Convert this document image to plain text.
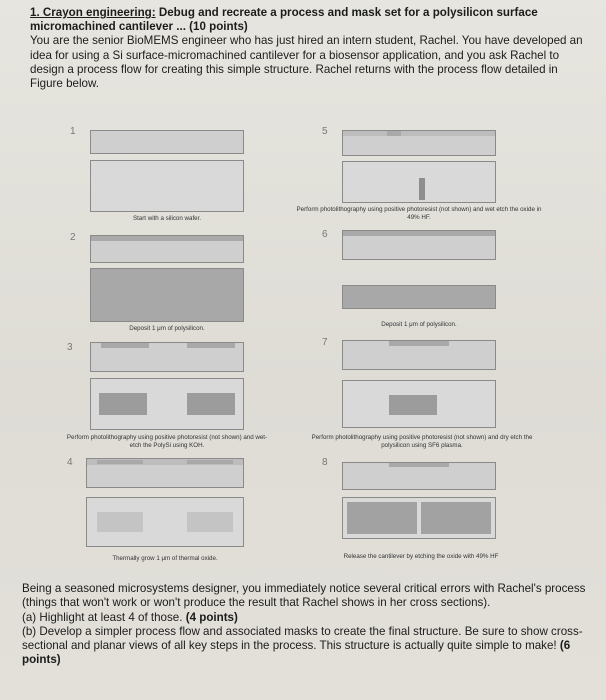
1. Crayon engineering: Debug and recreate a process and mask set for a polysilicon surface micromachined cantilever ... (10 points)

You are the senior BioMEMS engineer who has just hired an intern student, Rachel. You have developed an idea for using a Si surface-micromachined cantilever for a biosensor application, and you ask Rachel to design a process flow for creating this simple structure. Rachel returns with the process flow detailed in Figure below.

1
Start with a silicon wafer.
2
Deposit 1 μm of polysilicon.
3
Perform photolithography using positive photoresist (not shown) and wet-etch the PolySi using KOH.
4
Thermally grow 1 μm of thermal oxide.
5
Perform photolithography using positive photoresist (not shown) and wet etch the oxide in 49% HF.
6
Deposit 1 μm of polysilicon.
7
Perform photolithography using positive photoresist (not shown) and dry etch the polysilicon using SF6 plasma.
8
Release the cantilever by etching the oxide with 49% HF

Being a seasoned microsystems designer, you immediately notice several critical errors with Rachel's process (things that won't work or won't produce the result that Rachel shows in her cross sections).

(a) Highlight at least 4 of those. (4 points)

(b) Develop a simpler process flow and associated masks to create the final structure. Be sure to show cross-sectional and planar views of all key steps in the process. This structure is actually quite simple to make! (6 points)
